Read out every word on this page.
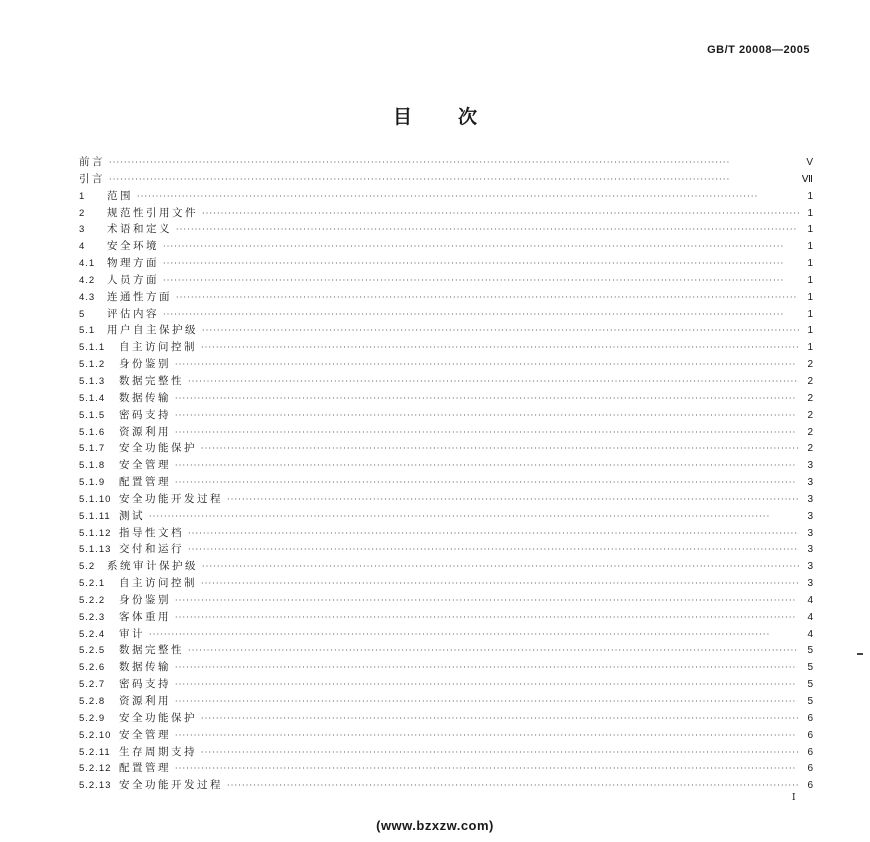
GB/T 20008—2005
目次
前言 ·····	V
引言 ·····	Ⅶ
1	范围 ·····	1
2	规范性引用文件 ·····	1
3	术语和定义 ·····	1
4	安全环境 ·····	1
4.1	物理方面 ·····	1
4.2	人员方面 ·····	1
4.3	连通性方面 ·····	1
5	评估内容 ·····	1
5.1	用户自主保护级 ·····	1
5.1.1	自主访问控制 ·····	1
5.1.2	身份鉴别 ·····	2
5.1.3	数据完整性 ·····	2
5.1.4	数据传输 ·····	2
5.1.5	密码支持 ·····	2
5.1.6	资源利用 ·····	2
5.1.7	安全功能保护 ·····	2
5.1.8	安全管理 ·····	3
5.1.9	配置管理 ·····	3
5.1.10 安全功能开发过程 ·····	3
5.1.11 测试 ·····	3
5.1.12 指导性文档 ·····	3
5.1.13 交付和运行 ·····	3
5.2	系统审计保护级 ·····	3
5.2.1	自主访问控制 ·····	3
5.2.2	身份鉴别 ·····	4
5.2.3	客体重用 ·····	4
5.2.4	审计 ·····	4
5.2.5	数据完整性 ·····	5
5.2.6	数据传输 ·····	5
5.2.7	密码支持 ·····	5
5.2.8	资源利用 ·····	5
5.2.9	安全功能保护 ·····	6
5.2.10 安全管理 ·····	6
5.2.11 生存周期支持 ·····	6
5.2.12 配置管理 ·····	6
5.2.13 安全功能开发过程 ·····	6
I
(www.bzxzw.com)
